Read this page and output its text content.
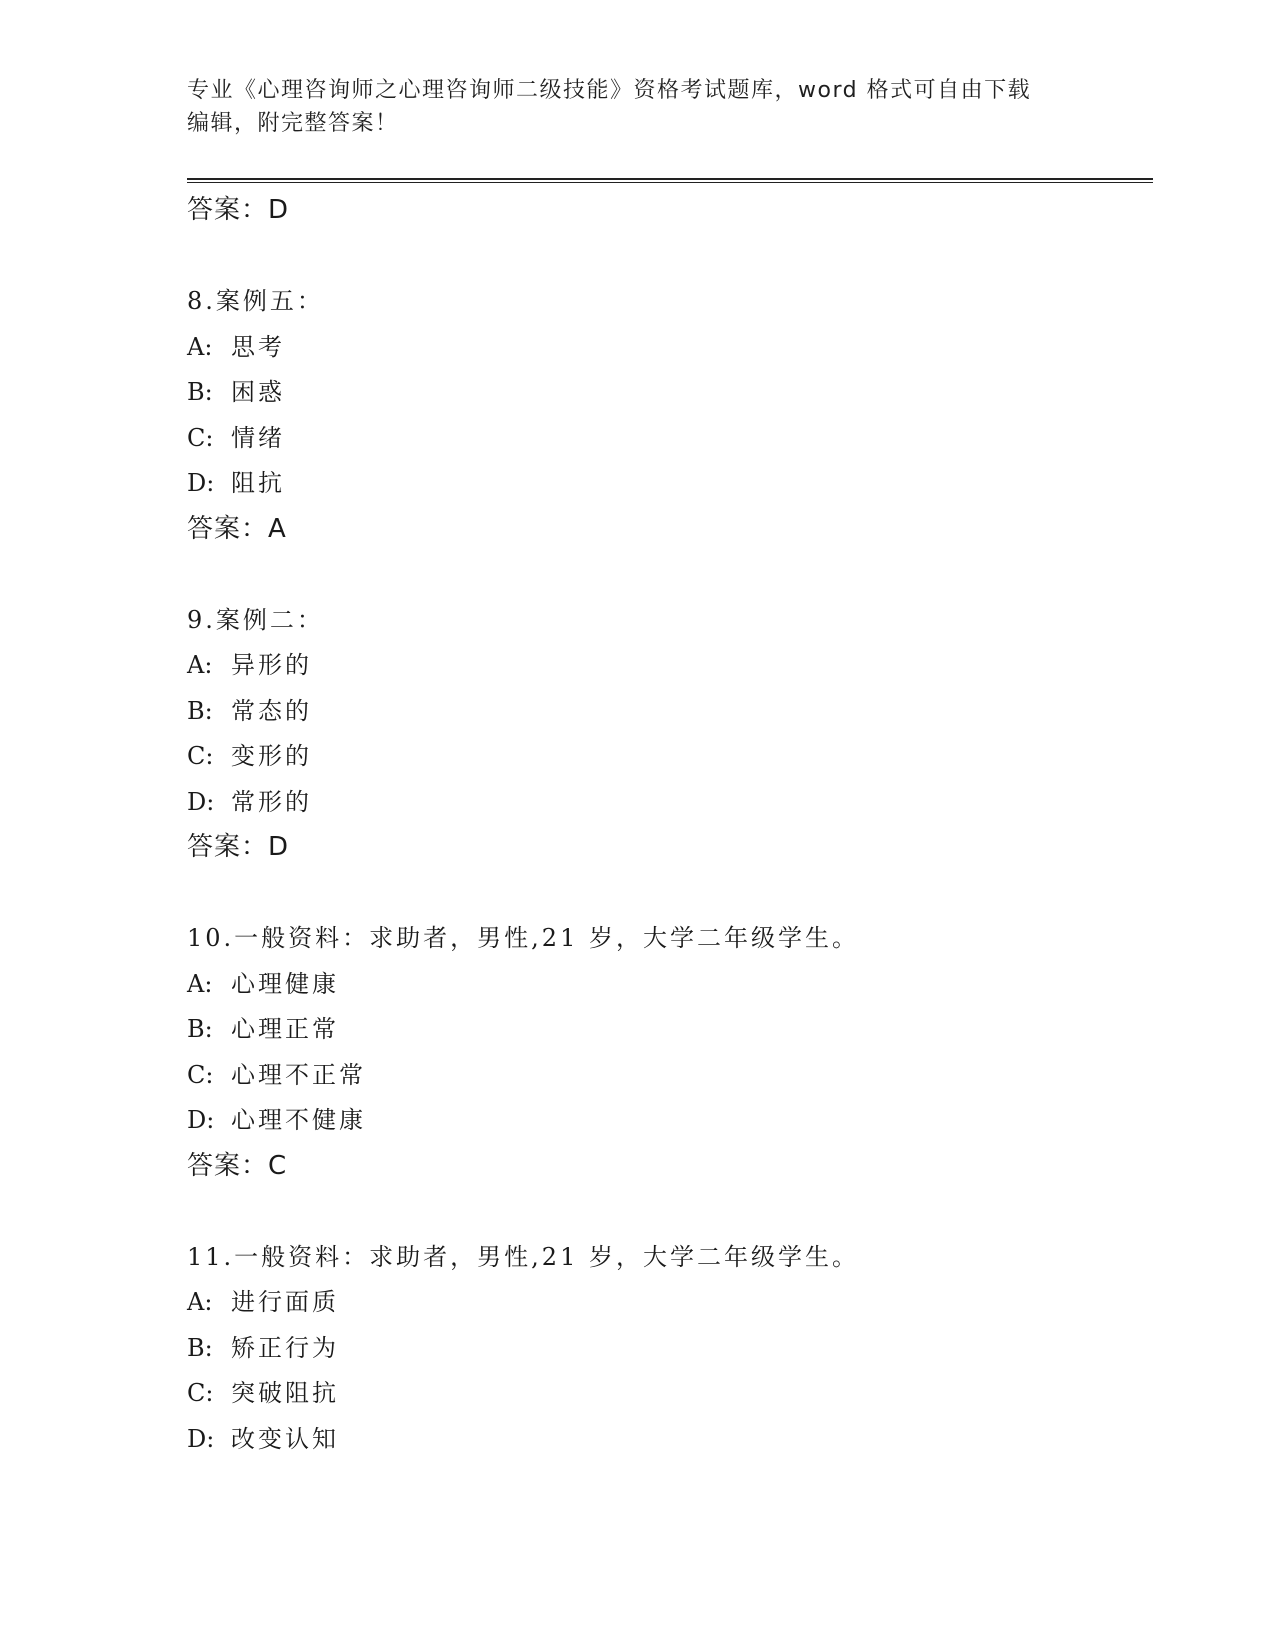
专业《心理咨询师之心理咨询师二级技能》资格考试题库，word 格式可自由下载
编辑，附完整答案！
答案：D
8.案例五：
A: 思考
B: 困惑
C: 情绪
D: 阻抗
答案：A
9.案例二：
A: 异形的
B: 常态的
C: 变形的
D: 常形的
答案：D
10.一般资料：求助者，男性,21 岁，大学二年级学生。
A: 心理健康
B: 心理正常
C: 心理不正常
D: 心理不健康
答案：C
11.一般资料：求助者，男性,21 岁，大学二年级学生。
A: 进行面质
B: 矫正行为
C: 突破阻抗
D: 改变认知
